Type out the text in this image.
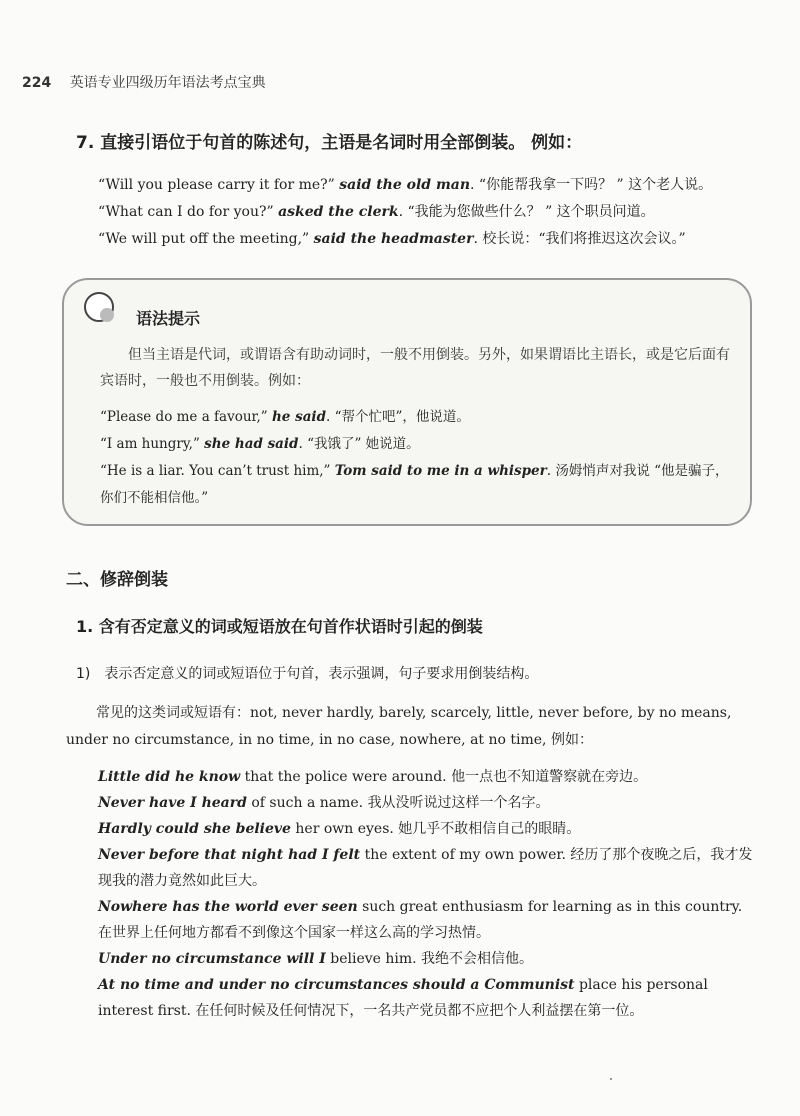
224 英语专业四级历年语法考点宝典
7. 直接引语位于句首的陈述句，主语是名词时用全部倒装。 例如：
“Will you please carry it for me?” said the old man. “你能帮我拿一下吗？ ” 这个老人说。
“What can I do for you?” asked the clerk. “我能为您做些什么？ ” 这个职员问道。
“We will put off the meeting,” said the headmaster. 校长说：“我们将推迟这次会议。”
语法提示

但当主语是代词，或谓语含有助动词时，一般不用倒装。另外，如果谓语比主语长，或是它后面有宾语时，一般也不用倒装。例如：

“Please do me a favour,” he said. “帮个忙吧”，他说道。
“I am hungry,” she had said. “我饿了” 她说道。
“He is a liar. You can’t trust him,” Tom said to me in a whisper. 汤姆悄声对我说 “他是骗子，你们不能相信他。”
二、修辞倒装
1. 含有否定意义的词或短语放在句首作状语时引起的倒装
1) 表示否定意义的词或短语位于句首，表示强调，句子要求用倒装结构。
常见的这类词或短语有：not, never hardly, barely, scarcely, little, never before, by no means, under no circumstance, in no time, in no case, nowhere, at no time, 例如：

Little did he know that the police were around. 他一点也不知道警察就在旁边。

Never have I heard of such a name. 我从没听说过这样一个名字。

Hardly could she believe her own eyes. 她几乎不敢相信自己的眼睛。

Never before that night had I felt the extent of my own power. 经历了那个夜晚之后，我才发现我的潜力竟然如此巨大。

Nowhere has the world ever seen such great enthusiasm for learning as in this country. 在世界上任何地方都看不到像这个国家一样这么高的学习热情。

Under no circumstance will I believe him. 我绝不会相信他。

At no time and under no circumstances should a Communist place his personal interest first. 在任何时候及任何情况下，一名共产党员都不应把个人利益摆在第一位。
